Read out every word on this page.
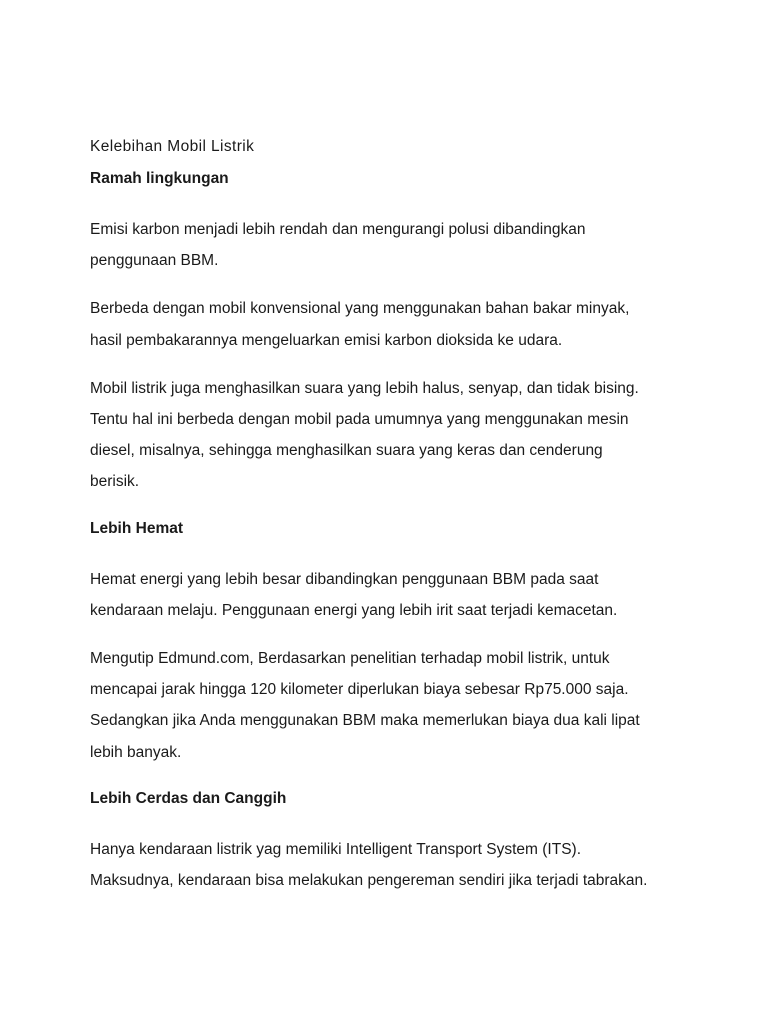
Kelebihan Mobil Listrik

Ramah lingkungan

Emisi karbon menjadi lebih rendah dan mengurangi polusi dibandingkan
penggunaan BBM.

Berbeda dengan mobil konvensional yang menggunakan bahan bakar minyak,
hasil pembakarannya mengeluarkan emisi karbon dioksida ke udara.

Mobil listrik juga menghasilkan suara yang lebih halus, senyap, dan tidak bising.
Tentu hal ini berbeda dengan mobil pada umumnya yang menggunakan mesin
diesel, misalnya, sehingga menghasilkan suara yang keras dan cenderung
berisik.

Lebih Hemat

Hemat energi yang lebih besar dibandingkan penggunaan BBM pada saat
kendaraan melaju. Penggunaan energi yang lebih irit saat terjadi kemacetan.

Mengutip Edmund.com, Berdasarkan penelitian terhadap mobil listrik, untuk
mencapai jarak hingga 120 kilometer diperlukan biaya sebesar Rp75.000 saja.
Sedangkan jika Anda menggunakan BBM maka memerlukan biaya dua kali lipat
lebih banyak.

Lebih Cerdas dan Canggih

Hanya kendaraan listrik yag memiliki Intelligent Transport System (ITS).
Maksudnya, kendaraan bisa melakukan pengereman sendiri jika terjadi tabrakan.
